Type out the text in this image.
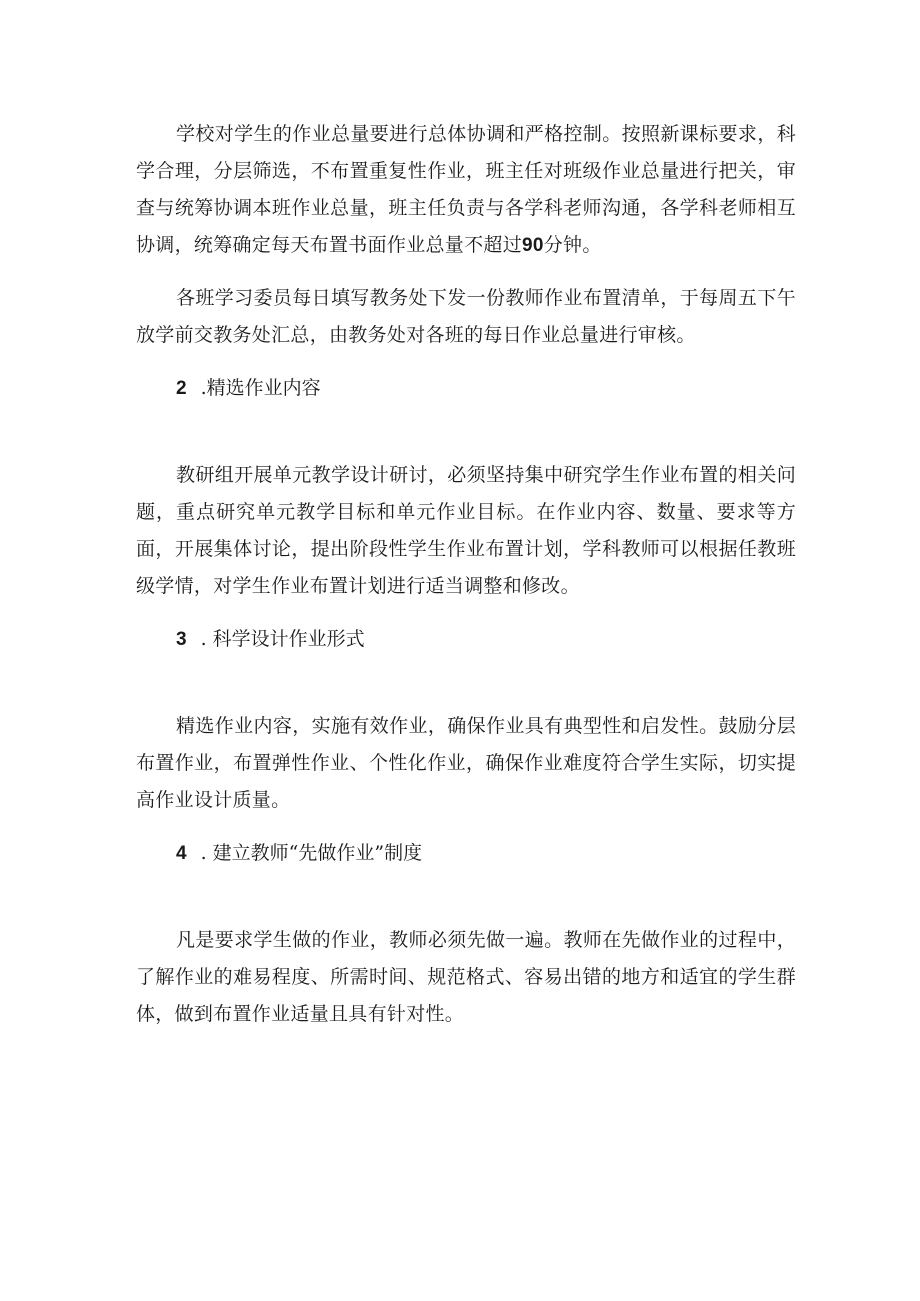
学校对学生的作业总量要进行总体协调和严格控制。按照新课标要求，科学合理，分层筛选，不布置重复性作业，班主任对班级作业总量进行把关，审查与统筹协调本班作业总量，班主任负责与各学科老师沟通，各学科老师相互协调，统筹确定每天布置书面作业总量不超过90分钟。

各班学习委员每日填写教务处下发一份教师作业布置清单，于每周五下午放学前交教务处汇总，由教务处对各班的每日作业总量进行审核。

2 .精选作业内容

教研组开展单元教学设计研讨，必须坚持集中研究学生作业布置的相关问题，重点研究单元教学目标和单元作业目标。在作业内容、数量、要求等方面，开展集体讨论，提出阶段性学生作业布置计划，学科教师可以根据任教班级学情，对学生作业布置计划进行适当调整和修改。

3 . 科学设计作业形式

精选作业内容，实施有效作业，确保作业具有典型性和启发性。鼓励分层布置作业，布置弹性作业、个性化作业，确保作业难度符合学生实际，切实提高作业设计质量。

4 . 建立教师“先做作业”制度

凡是要求学生做的作业，教师必须先做一遍。教师在先做作业的过程中，了解作业的难易程度、所需时间、规范格式、容易出错的地方和适宜的学生群体，做到布置作业适量且具有针对性。
